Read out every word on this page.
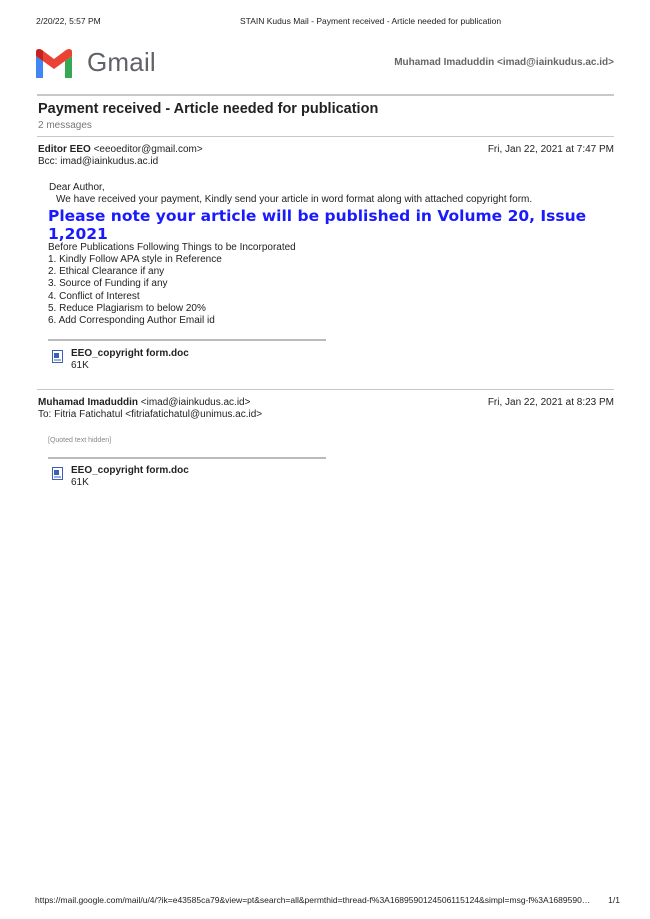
2/20/22, 5:57 PM	STAIN Kudus Mail - Payment received - Article needed for publication
Gmail	Muhamad Imaduddin <imad@iainkudus.ac.id>
Payment received - Article needed for publication
2 messages
Editor EEO <eeoeditor@gmail.com>	Fri, Jan 22, 2021 at 7:47 PM
Bcc: imad@iainkudus.ac.id
Dear Author,
We have received your payment, Kindly send your article in word format along with attached copyright form.
Please note your article will be published in Volume 20, Issue
1,2021
Before Publications Following Things to be Incorporated
1. Kindly Follow APA style in Reference
2. Ethical Clearance if any
3. Source of Funding if any
4. Conflict of Interest
5. Reduce Plagiarism to below 20%
6. Add Corresponding Author Email id
EEO_copyright form.doc
61K
Muhamad Imaduddin <imad@iainkudus.ac.id>	Fri, Jan 22, 2021 at 8:23 PM
To: Fitria Fatichatul <fitriafatichatul@unimus.ac.id>
[Quoted text hidden]
EEO_copyright form.doc
61K
https://mail.google.com/mail/u/4/?ik=e43585ca79&view=pt&search=all&permthid=thread-f%3A1689590124506115124&simpl=msg-f%3A1689590…	1/1
